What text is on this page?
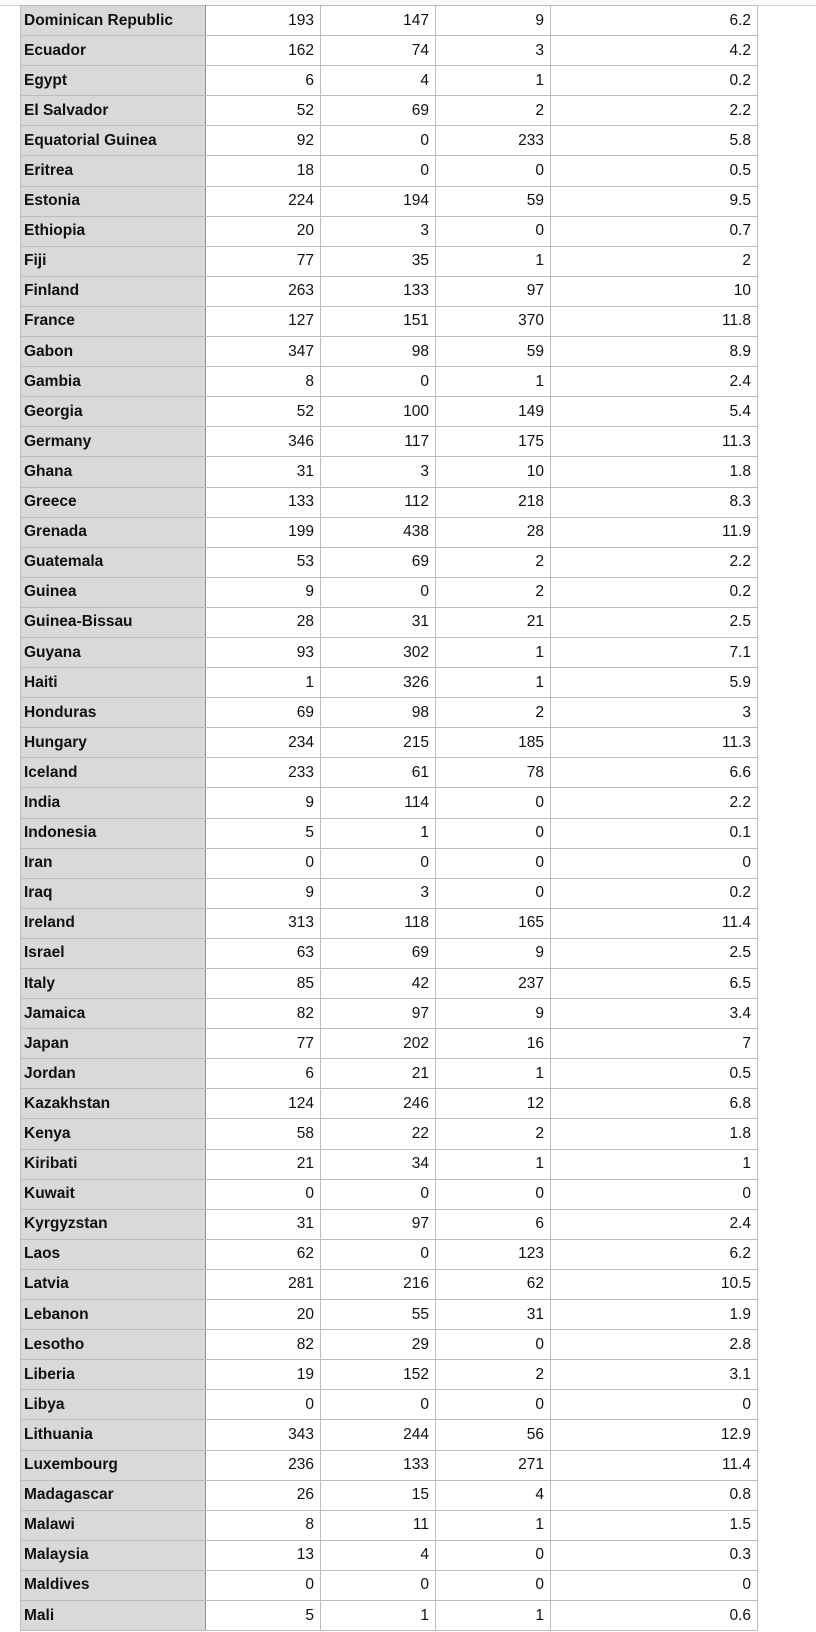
Dominican Republic	193	147	9	6.2
Ecuador	162	74	3	4.2
Egypt	6	4	1	0.2
El Salvador	52	69	2	2.2
Equatorial Guinea	92	0	233	5.8
Eritrea	18	0	0	0.5
Estonia	224	194	59	9.5
Ethiopia	20	3	0	0.7
Fiji	77	35	1	2
Finland	263	133	97	10
France	127	151	370	11.8
Gabon	347	98	59	8.9
Gambia	8	0	1	2.4
Georgia	52	100	149	5.4
Germany	346	117	175	11.3
Ghana	31	3	10	1.8
Greece	133	112	218	8.3
Grenada	199	438	28	11.9
Guatemala	53	69	2	2.2
Guinea	9	0	2	0.2
Guinea-Bissau	28	31	21	2.5
Guyana	93	302	1	7.1
Haiti	1	326	1	5.9
Honduras	69	98	2	3
Hungary	234	215	185	11.3
Iceland	233	61	78	6.6
India	9	114	0	2.2
Indonesia	5	1	0	0.1
Iran	0	0	0	0
Iraq	9	3	0	0.2
Ireland	313	118	165	11.4
Israel	63	69	9	2.5
Italy	85	42	237	6.5
Jamaica	82	97	9	3.4
Japan	77	202	16	7
Jordan	6	21	1	0.5
Kazakhstan	124	246	12	6.8
Kenya	58	22	2	1.8
Kiribati	21	34	1	1
Kuwait	0	0	0	0
Kyrgyzstan	31	97	6	2.4
Laos	62	0	123	6.2
Latvia	281	216	62	10.5
Lebanon	20	55	31	1.9
Lesotho	82	29	0	2.8
Liberia	19	152	2	3.1
Libya	0	0	0	0
Lithuania	343	244	56	12.9
Luxembourg	236	133	271	11.4
Madagascar	26	15	4	0.8
Malawi	8	11	1	1.5
Malaysia	13	4	0	0.3
Maldives	0	0	0	0
Mali	5	1	1	0.6
